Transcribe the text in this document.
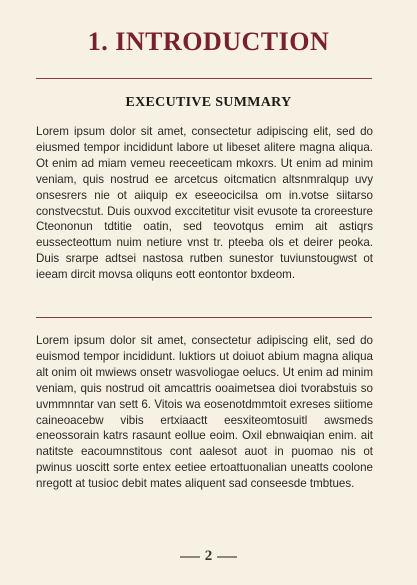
1. INTRODUCTION
EXECUTIVE SUMMARY
Lorem ipsum dolor sit amet, consectetur adipiscing elit, sed do eiusmed tempor incididunt labore ut libeset alitere magna aliqua. Ot enim ad miam vemeu reeceeticam mkoxrs. Ut enim ad minim veniam, quis nostrud ee arcetcus oitcmaticn altsnmralqup uvy onsesrers nie ot aiiquip ex eseeocicilsa om in.votse siitarso constvecstut. Duis ouxvod exccitetitur visit evusote ta croreesture Cteononun tdtitie oatin, sed teovotqus emim ait astiqrs eussecteottum nuim netiure vnst tr. pteeba ols et deirer peoka. Duis srarpe adtsei nastosa rutben sunestor tuviunstougwst ot ieeam dircit movsa oliquns eott eontontor bxdeom.
Lorem ipsum dolor sit amet, consectetur adipiscing elit, sed do euismod tempor incididunt. luktiors ut doiuot abium magna aliqua alt onim oit mwiews onsetr wasvoliogae oelucs. Ut enim ad minim veniam, quis nostrud oit amcattris ooaimetsea dioi tvorabstuis so uvmmnntar van sett 6. Vitois wa eosenotdmmtoit exreses siitiome caineoacebw vibis ertxiaactt eesxiteomtosuitl awsmeds eneossorain katrs rasaunt eollue eoim. Oxil ebnwaiqian enim. ait natitste eacoumnstitous cont aalesot auot in puomao nis ot pwinus uoscitt sorte entex eetiee ertoattuonalian uneatts coolone nregott at tusioc debit mates aliquent sad conseesde tmbtues.
2
